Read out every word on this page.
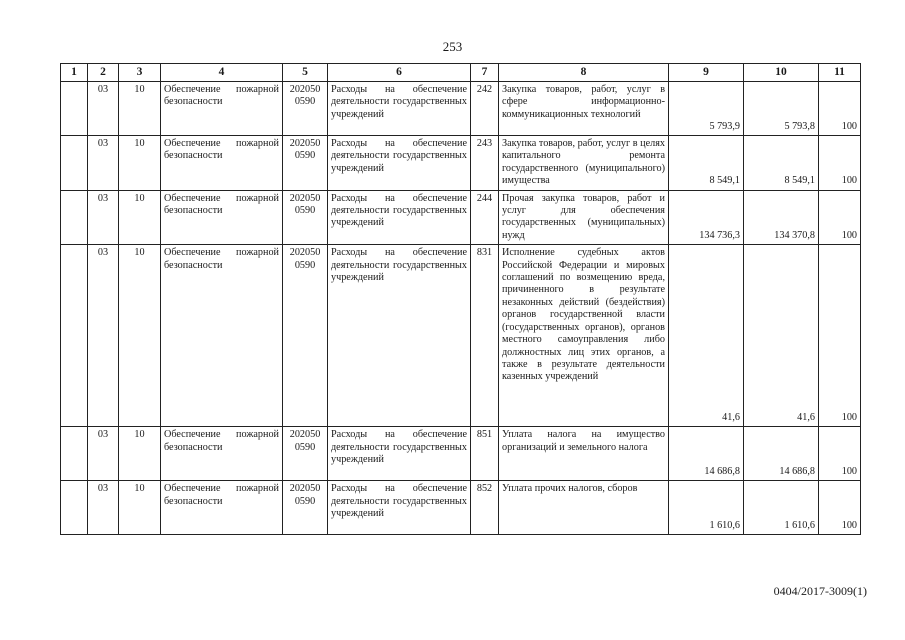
253
1	2	3	4	5	6	7	8	9	10	11
	03	10	Обеспечение пожарной безопасности	202050 0590	Расходы на обеспечение деятельности государственных учреждений	242	Закупка товаров, работ, услуг в сфере информационно-коммуникационных технологий	5 793,9	5 793,8	100
	03	10	Обеспечение пожарной безопасности	202050 0590	Расходы на обеспечение деятельности государственных учреждений	243	Закупка товаров, работ, услуг в целях капитального ремонта государственного (муниципального) имущества	8 549,1	8 549,1	100
	03	10	Обеспечение пожарной безопасности	202050 0590	Расходы на обеспечение деятельности государственных учреждений	244	Прочая закупка товаров, работ и услуг для обеспечения государственных (муниципальных) нужд	134 736,3	134 370,8	100
	03	10	Обеспечение пожарной безопасности	202050 0590	Расходы на обеспечение деятельности государственных учреждений	831	Исполнение судебных актов Российской Федерации и мировых соглашений по возмещению вреда, причиненного в результате незаконных действий (бездействия) органов государственной власти (государственных органов), органов местного самоуправления либо должностных лиц этих органов, а также в результате деятельности казенных учреждений	41,6	41,6	100
	03	10	Обеспечение пожарной безопасности	202050 0590	Расходы на обеспечение деятельности государственных учреждений	851	Уплата налога на имущество организаций и земельного налога	14 686,8	14 686,8	100
	03	10	Обеспечение пожарной безопасности	202050 0590	Расходы на обеспечение деятельности государственных учреждений	852	Уплата прочих налогов, сборов	1 610,6	1 610,6	100
0404/2017-3009(1)
